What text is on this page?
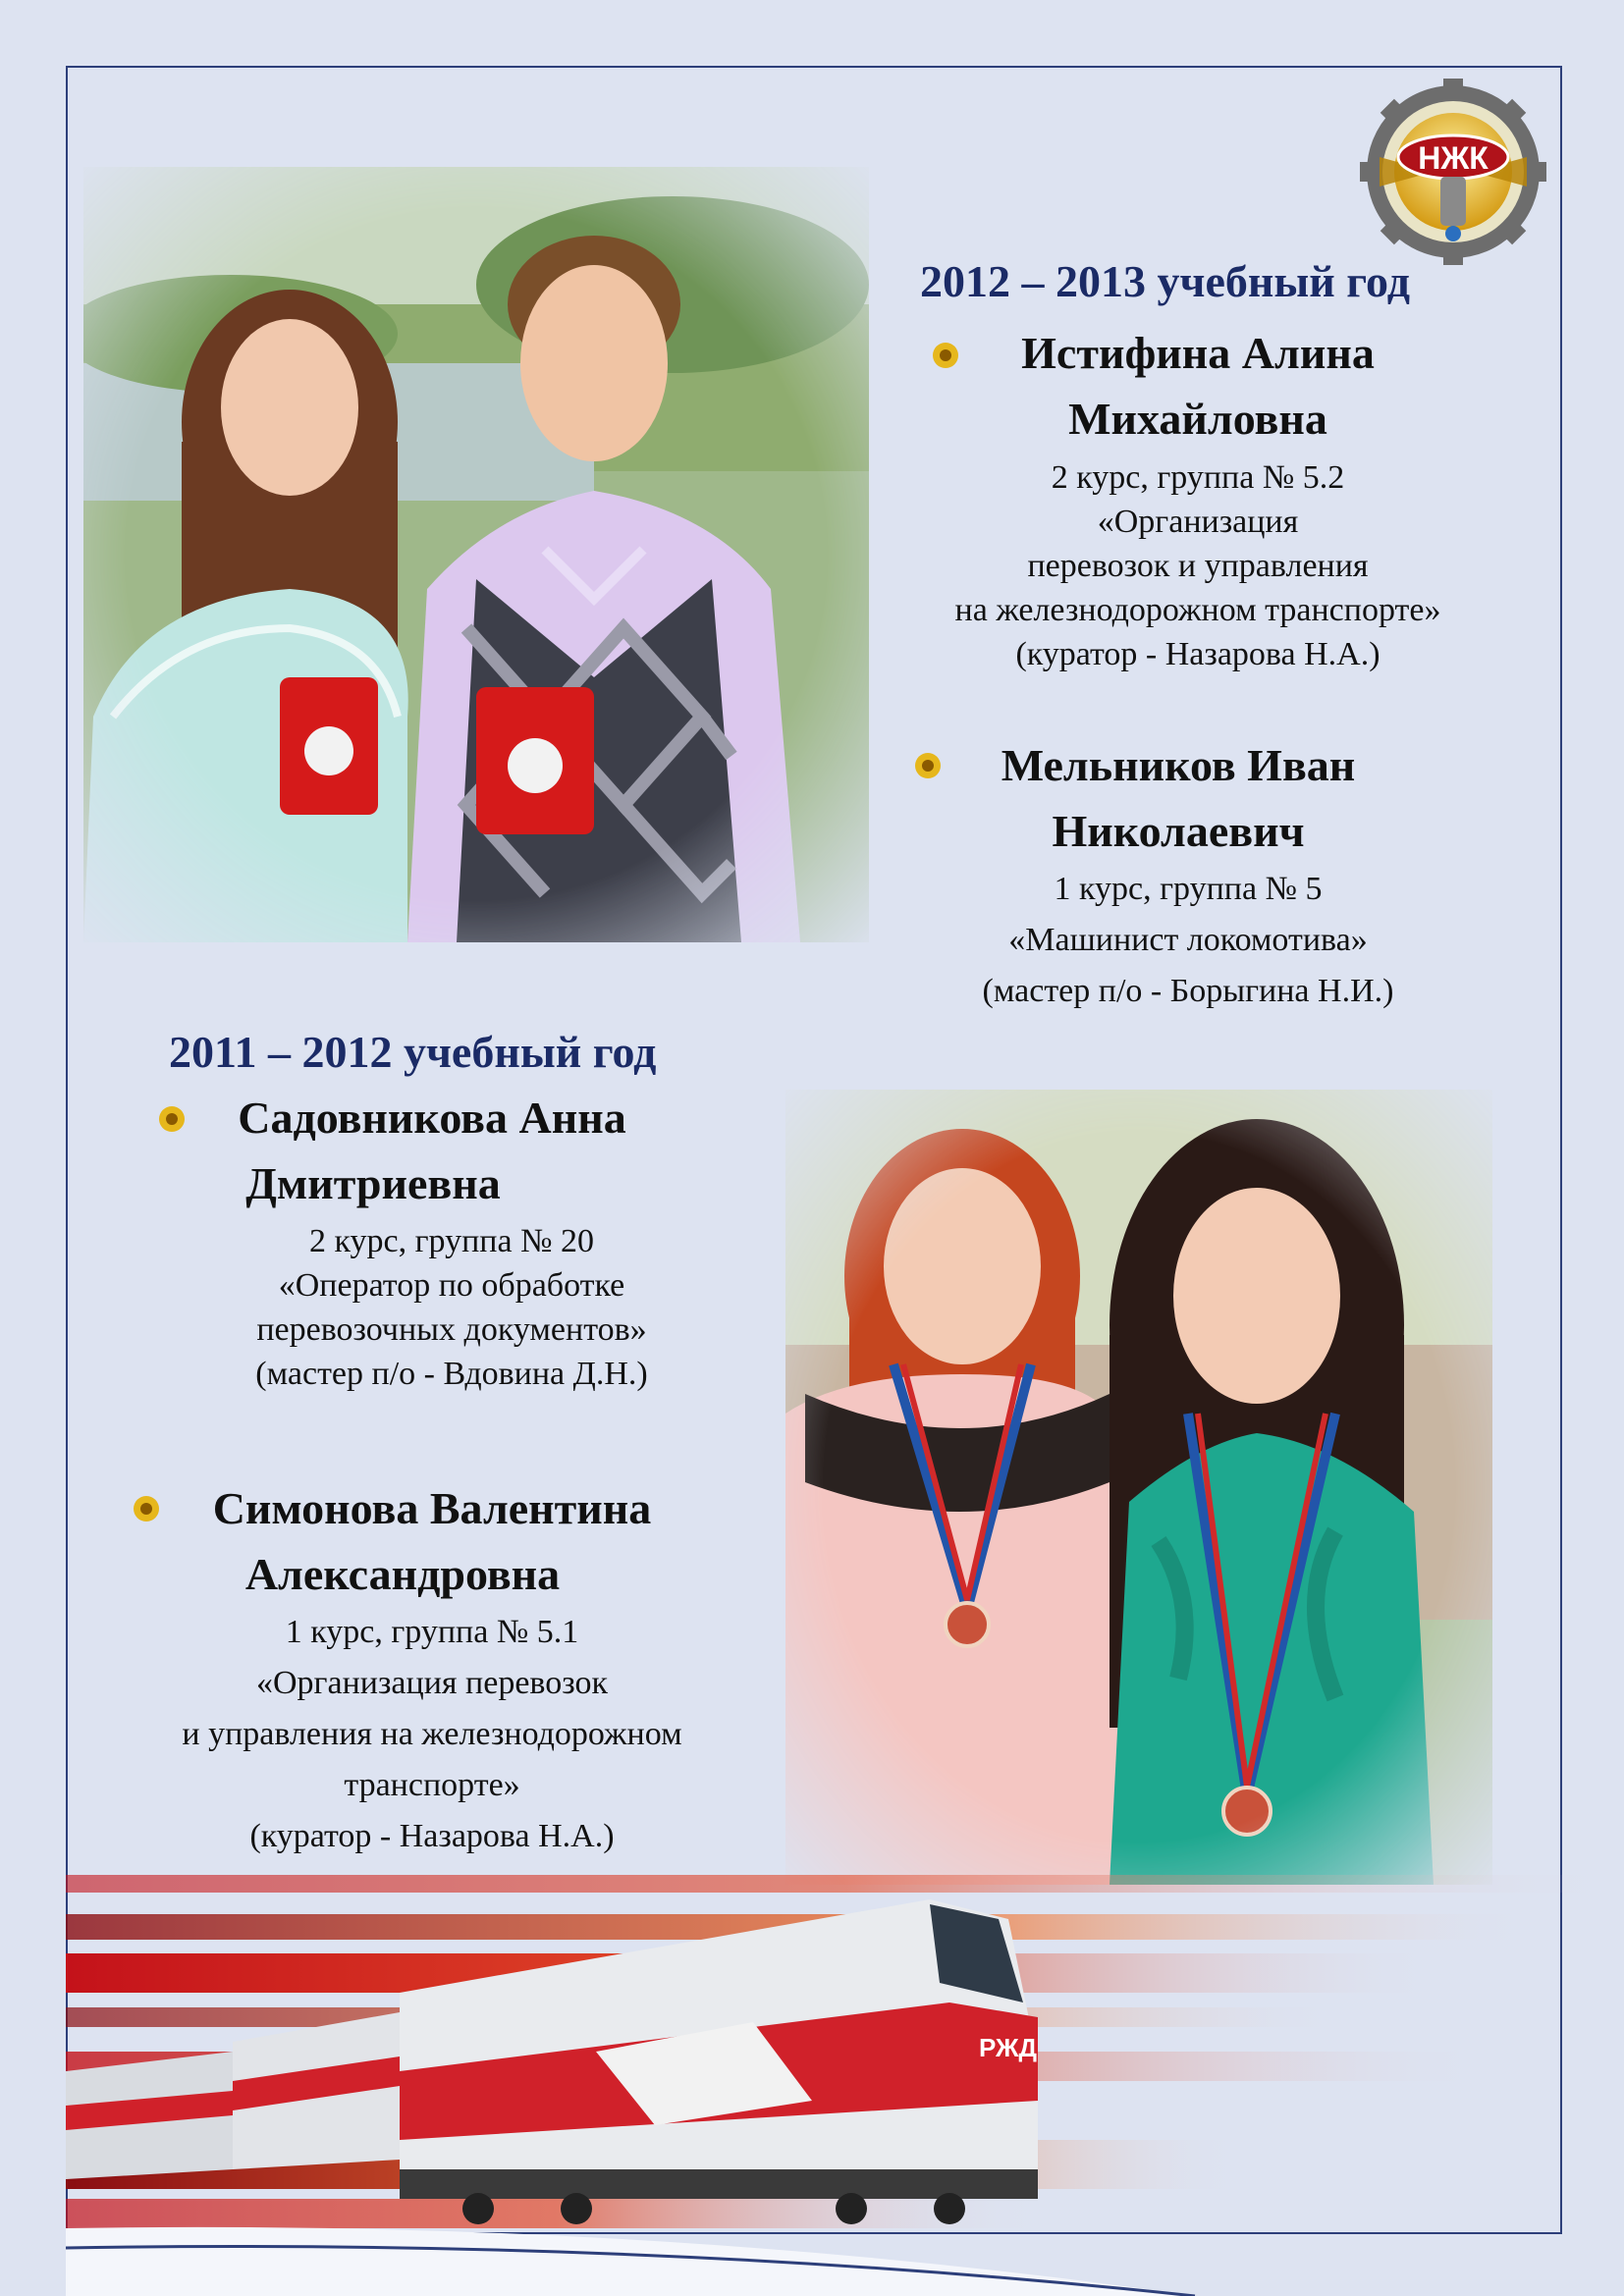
НЖК
2012 – 2013 учебный год

Истифина Алина

Михайловна

2 курс, группа № 5.2

«Организация

перевозок и управления

на железнодорожном транспорте»

(куратор - Назарова Н.А.)

Мельников Иван

Николаевич

1 курс, группа № 5

«Машинист локомотива»

(мастер п/о - Борыгина Н.И.)

2011 – 2012 учебный год

Садовникова Анна

Дмитриевна

2 курс, группа № 20

«Оператор по обработке

перевозочных документов»

(мастер п/о - Вдовина Д.Н.)

Симонова Валентина

Александровна

1 курс, группа № 5.1

«Организация перевозок

и управления на железнодорожном

транспорте»

(куратор - Назарова Н.А.)

РЖД
